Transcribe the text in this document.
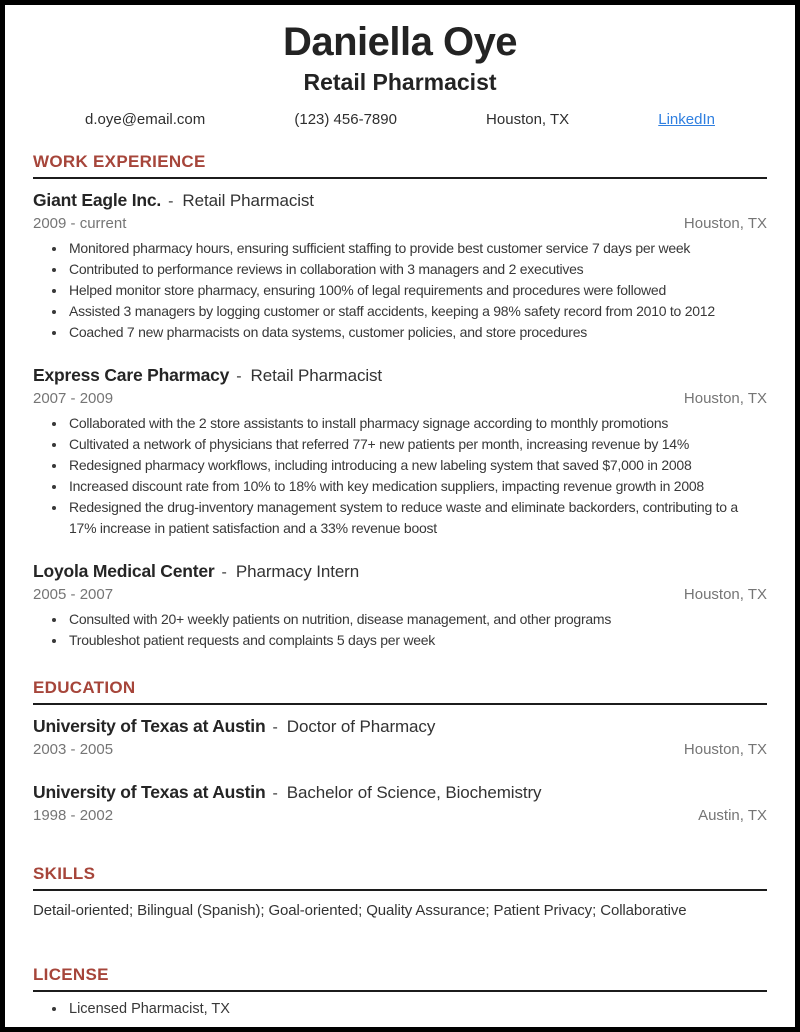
Daniella Oye
Retail Pharmacist
d.oye@email.com	(123) 456-7890	Houston, TX	LinkedIn
WORK EXPERIENCE
Giant Eagle Inc. - Retail Pharmacist
2009 - current	Houston, TX
• Monitored pharmacy hours, ensuring sufficient staffing to provide best customer service 7 days per week
• Contributed to performance reviews in collaboration with 3 managers and 2 executives
• Helped monitor store pharmacy, ensuring 100% of legal requirements and procedures were followed
• Assisted 3 managers by logging customer or staff accidents, keeping a 98% safety record from 2010 to 2012
• Coached 7 new pharmacists on data systems, customer policies, and store procedures
Express Care Pharmacy - Retail Pharmacist
2007 - 2009	Houston, TX
• Collaborated with the 2 store assistants to install pharmacy signage according to monthly promotions
• Cultivated a network of physicians that referred 77+ new patients per month, increasing revenue by 14%
• Redesigned pharmacy workflows, including introducing a new labeling system that saved $7,000 in 2008
• Increased discount rate from 10% to 18% with key medication suppliers, impacting revenue growth in 2008
• Redesigned the drug-inventory management system to reduce waste and eliminate backorders, contributing to a 17% increase in patient satisfaction and a 33% revenue boost
Loyola Medical Center - Pharmacy Intern
2005 - 2007	Houston, TX
• Consulted with 20+ weekly patients on nutrition, disease management, and other programs
• Troubleshot patient requests and complaints 5 days per week
EDUCATION
University of Texas at Austin - Doctor of Pharmacy
2003 - 2005	Houston, TX
University of Texas at Austin - Bachelor of Science, Biochemistry
1998 - 2002	Austin, TX
SKILLS
Detail-oriented; Bilingual (Spanish); Goal-oriented; Quality Assurance; Patient Privacy; Collaborative
LICENSE
• Licensed Pharmacist, TX
